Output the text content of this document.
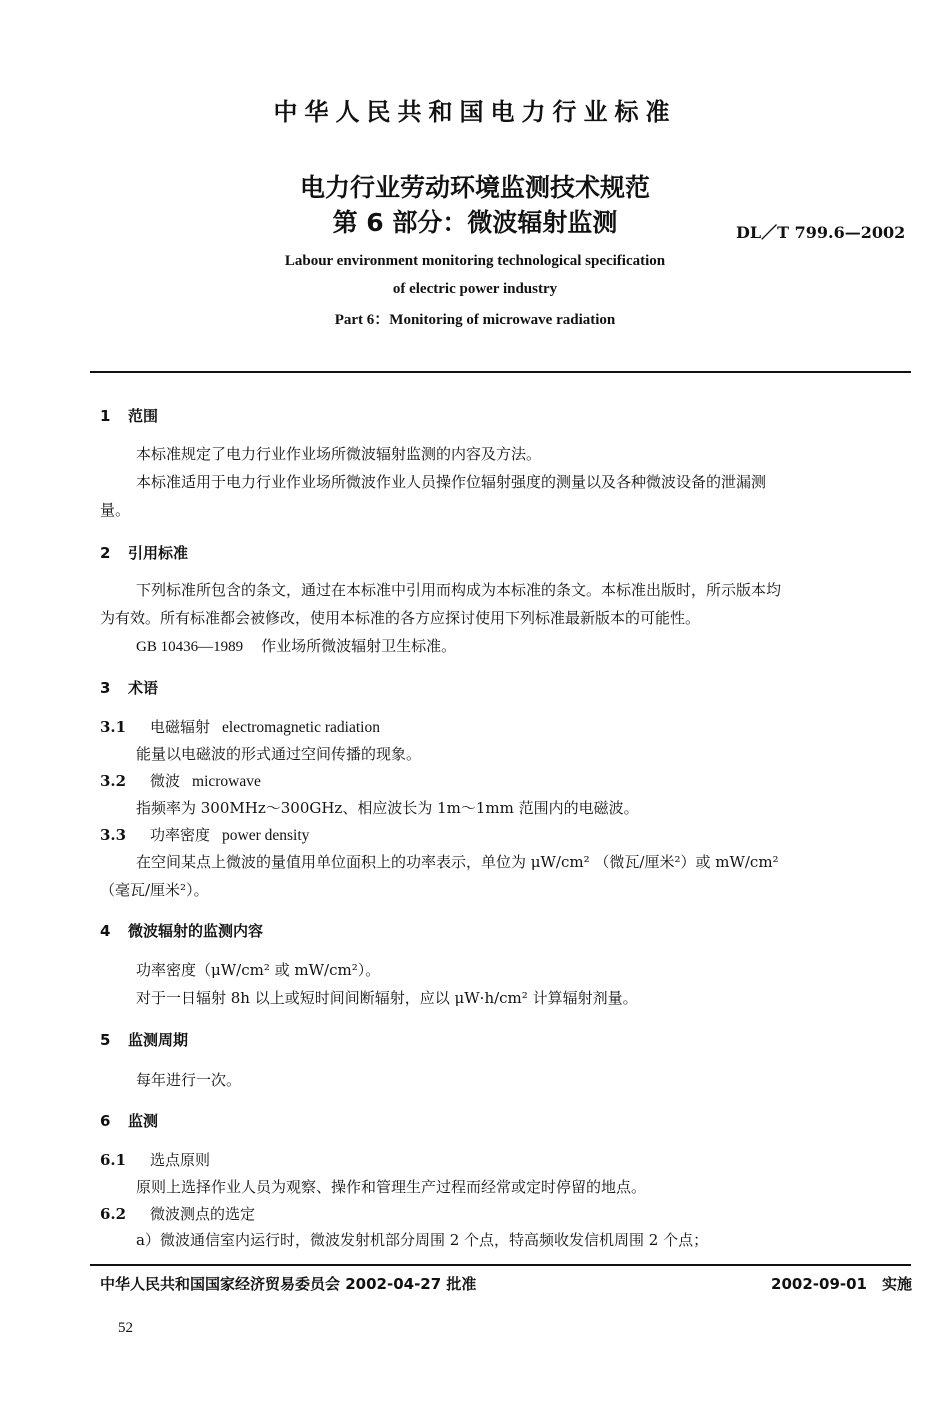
中华人民共和国电力行业标准
电力行业劳动环境监测技术规范
第 6 部分：微波辐射监测	DL／T 799.6—2002
Labour environment monitoring technological specification
of electric power industry
Part 6：Monitoring of microwave radiation
1 范围
本标准规定了电力行业作业场所微波辐射监测的内容及方法。
本标准适用于电力行业作业场所微波作业人员操作位辐射强度的测量以及各种微波设备的泄漏测
量。
2 引用标准
下列标准所包含的条文，通过在本标准中引用而构成为本标准的条文。本标准出版时，所示版本均
为有效。所有标准都会被修改，使用本标准的各方应探讨使用下列标准最新版本的可能性。
GB 10436—1989 作业场所微波辐射卫生标准。
3 术语
3.1 电磁辐射 electromagnetic radiation
能量以电磁波的形式通过空间传播的现象。
3.2 微波 microwave
指频率为 300MHz～300GHz、相应波长为 1m～1mm 范围内的电磁波。
3.3 功率密度 power density
在空间某点上微波的量值用单位面积上的功率表示，单位为 μW/cm² （微瓦/厘米²）或 mW/cm²
（毫瓦/厘米²）。
4 微波辐射的监测内容
功率密度（μW/cm² 或 mW/cm²）。
对于一日辐射 8h 以上或短时间间断辐射，应以 μW·h/cm² 计算辐射剂量。
5 监测周期
每年进行一次。
6 监测
6.1 选点原则
原则上选择作业人员为观察、操作和管理生产过程而经常或定时停留的地点。
6.2 微波测点的选定
a）微波通信室内运行时，微波发射机部分周围 2 个点，特高频收发信机周围 2 个点；
中华人民共和国国家经济贸易委员会 2002-04-27 批准	2002-09-01　实施
52
